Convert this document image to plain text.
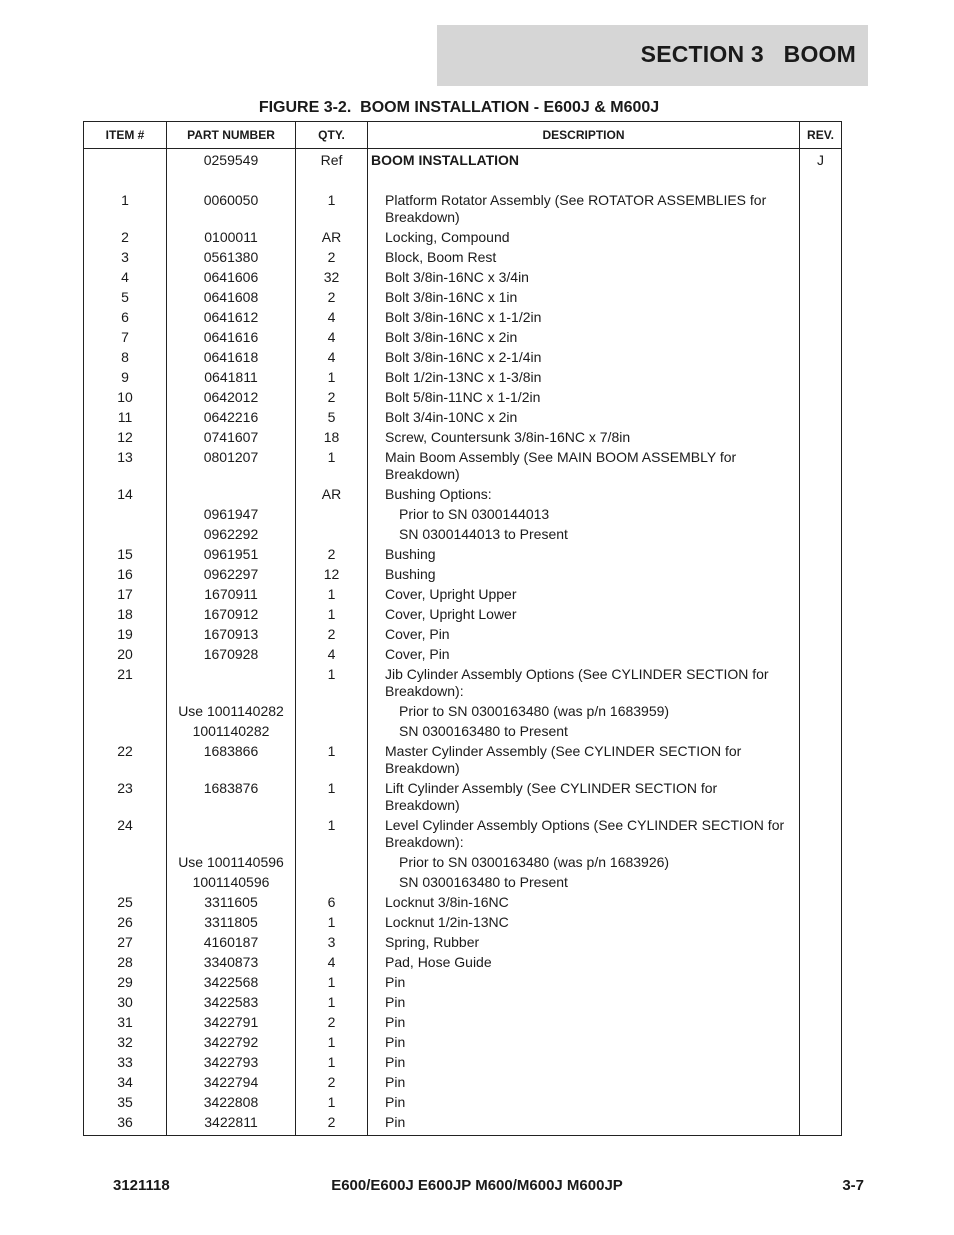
SECTION 3   BOOM
FIGURE 3-2.  BOOM INSTALLATION - E600J & M600J
ITEM #	PART NUMBER	QTY.	DESCRIPTION	REV.
	0259549	Ref	BOOM INSTALLATION	J
1	0060050	1	Platform Rotator Assembly (See ROTATOR ASSEMBLIES for Breakdown)	
2	0100011	AR	Locking, Compound	
3	0561380	2	Block, Boom Rest	
4	0641606	32	Bolt 3/8in-16NC x 3/4in	
5	0641608	2	Bolt 3/8in-16NC x 1in	
6	0641612	4	Bolt 3/8in-16NC x 1-1/2in	
7	0641616	4	Bolt 3/8in-16NC x 2in	
8	0641618	4	Bolt 3/8in-16NC x 2-1/4in	
9	0641811	1	Bolt 1/2in-13NC x 1-3/8in	
10	0642012	2	Bolt 5/8in-11NC x 1-1/2in	
11	0642216	5	Bolt 3/4in-10NC x 2in	
12	0741607	18	Screw, Countersunk 3/8in-16NC x 7/8in	
13	0801207	1	Main Boom Assembly (See MAIN BOOM ASSEMBLY for Breakdown)	
14		AR	Bushing Options:	
	0961947		Prior to SN 0300144013	
	0962292		SN 0300144013 to Present	
15	0961951	2	Bushing	
16	0962297	12	Bushing	
17	1670911	1	Cover, Upright Upper	
18	1670912	1	Cover, Upright Lower	
19	1670913	2	Cover, Pin	
20	1670928	4	Cover, Pin	
21		1	Jib Cylinder Assembly Options (See CYLINDER SECTION for Breakdown):	
	Use 1001140282		Prior to SN 0300163480 (was p/n 1683959)	
	1001140282		SN 0300163480 to Present	
22	1683866	1	Master Cylinder Assembly (See CYLINDER SECTION for Breakdown)	
23	1683876	1	Lift Cylinder Assembly (See CYLINDER SECTION for Breakdown)	
24		1	Level Cylinder Assembly Options (See CYLINDER SECTION for Breakdown):	
	Use 1001140596		Prior to SN 0300163480 (was p/n 1683926)	
	1001140596		SN 0300163480 to Present	
25	3311605	6	Locknut 3/8in-16NC	
26	3311805	1	Locknut 1/2in-13NC	
27	4160187	3	Spring, Rubber	
28	3340873	4	Pad, Hose Guide	
29	3422568	1	Pin	
30	3422583	1	Pin	
31	3422791	2	Pin	
32	3422792	1	Pin	
33	3422793	1	Pin	
34	3422794	2	Pin	
35	3422808	1	Pin	
36	3422811	2	Pin	
3121118	E600/E600J E600JP M600/M600J M600JP	3-7
